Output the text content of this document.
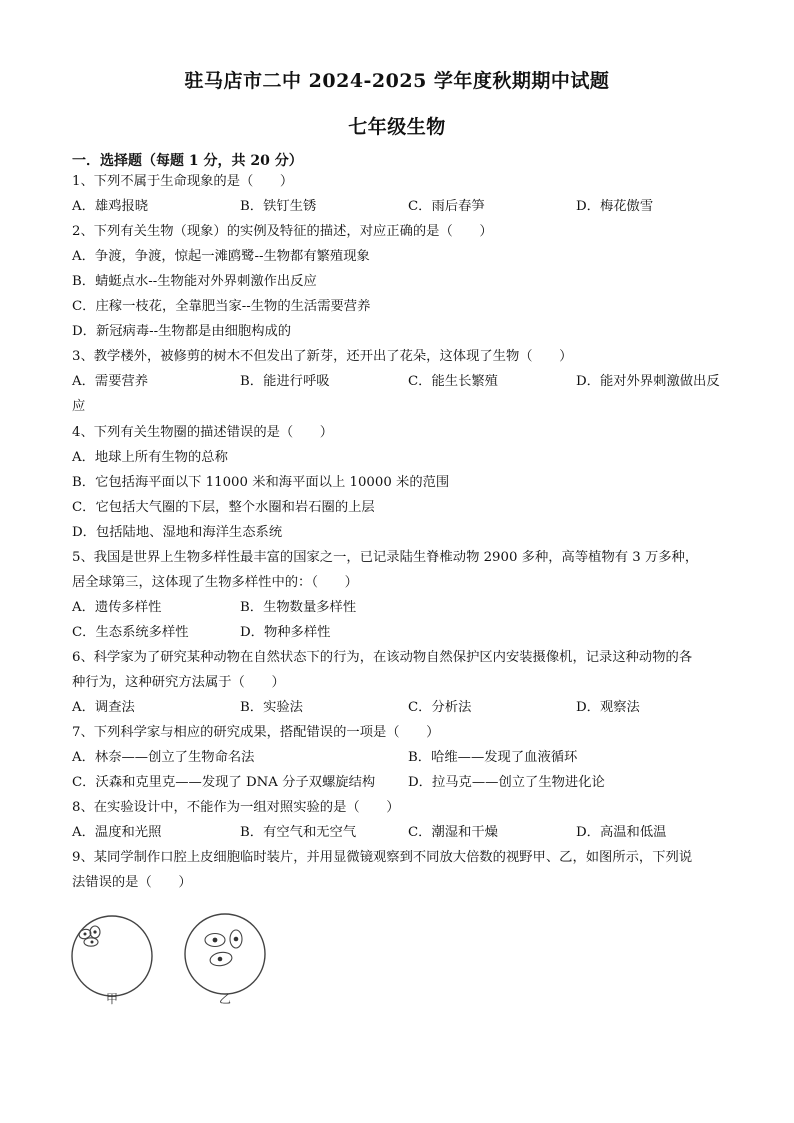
驻马店市二中 2024-2025 学年度秋期期中试题
七年级生物
一．选择题（每题 1 分，共 20 分）
1、下列不属于生命现象的是（　　）
A．雄鸡报晓	B．铁钉生锈	C．雨后春笋	D．梅花傲雪
2、下列有关生物（现象）的实例及特征的描述，对应正确的是（　　）
A．争渡，争渡，惊起一滩鸥鹭--生物都有繁殖现象
B．蜻蜓点水--生物能对外界刺激作出反应
C．庄稼一枝花，全靠肥当家--生物的生活需要营养
D．新冠病毒--生物都是由细胞构成的
3、教学楼外，被修剪的树木不但发出了新芽，还开出了花朵，这体现了生物（　　）
A．需要营养	B．能进行呼吸	C．能生长繁殖	D．能对外界刺激做出反
应
4、下列有关生物圈的描述错误的是（　　）
A．地球上所有生物的总称
B．它包括海平面以下 11000 米和海平面以上 10000 米的范围
C．它包括大气圈的下层，整个水圈和岩石圈的上层
D．包括陆地、湿地和海洋生态系统
5、我国是世界上生物多样性最丰富的国家之一，已记录陆生脊椎动物 2900 多种，高等植物有 3 万多种，
居全球第三，这体现了生物多样性中的：（　　）
A．遗传多样性	B．生物数量多样性
C．生态系统多样性	D．物种多样性
6、科学家为了研究某种动物在自然状态下的行为，在该动物自然保护区内安装摄像机，记录这种动物的各
种行为，这种研究方法属于（　　）
A．调查法	B．实验法	C．分析法	D．观察法
7、下列科学家与相应的研究成果，搭配错误的一项是（　　）
A．林奈——创立了生物命名法	B．哈维——发现了血液循环
C．沃森和克里克——发现了 DNA 分子双螺旋结构 D．拉马克——创立了生物进化论
8、在实验设计中，不能作为一组对照实验的是（　　）
A．温度和光照	B．有空气和无空气	C．潮湿和干燥	D．高温和低温
9、某同学制作口腔上皮细胞临时装片，并用显微镜观察到不同放大倍数的视野甲、乙，如图所示，下列说
法错误的是（　　）
甲	乙
